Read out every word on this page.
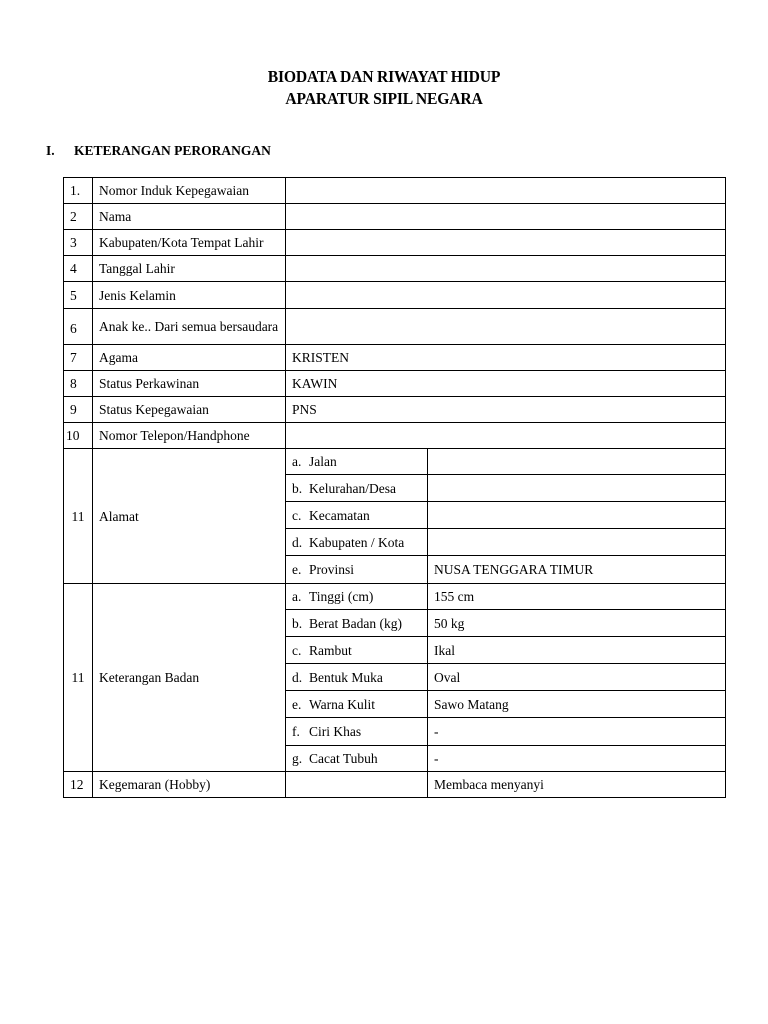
BIODATA DAN RIWAYAT HIDUP
APARATUR SIPIL NEGARA
I. KETERANGAN PERORANGAN
1.	Nomor Induk Kepegawaian		
2	Nama		
3	Kabupaten/Kota Tempat Lahir		
4	Tanggal Lahir		
5	Jenis Kelamin		
6	Anak ke.. Dari semua bersaudara		
7	Agama	KRISTEN	
8	Status Perkawinan	KAWIN	
9	Status Kepegawaian	PNS	
10	Nomor Telepon/Handphone		
11	Alamat	a. Jalan	
		b. Kelurahan/Desa	
		c. Kecamatan	
		d. Kabupaten / Kota	
		e. Provinsi	NUSA TENGGARA TIMUR
11	Keterangan Badan	a. Tinggi (cm)	155 cm
		b. Berat Badan (kg)	50 kg
		c. Rambut	Ikal
		d. Bentuk Muka	Oval
		e. Warna Kulit	Sawo Matang
		f. Ciri Khas	-
		g. Cacat Tubuh	-
12	Kegemaran (Hobby)		Membaca menyanyi
